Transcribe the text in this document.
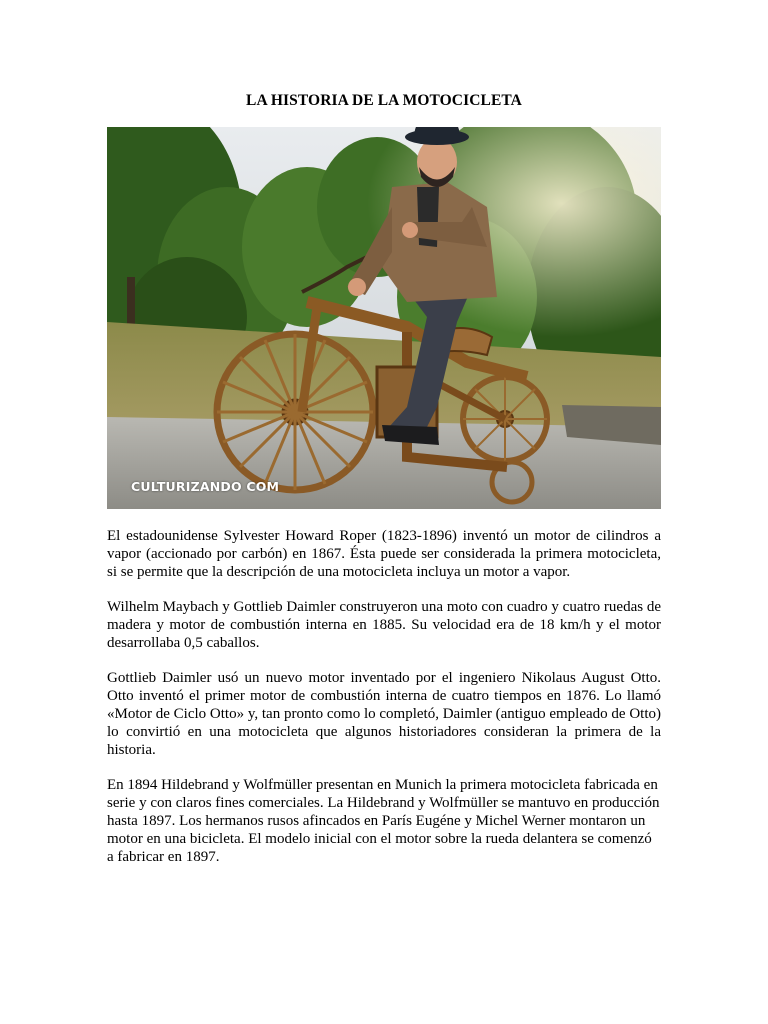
LA HISTORIA DE LA MOTOCICLETA
CULTURIZANDO COM

El estadounidense Sylvester Howard Roper (1823-1896) inventó un motor de cilindros a vapor (accionado por carbón) en 1867. Ésta puede ser considerada la primera motocicleta, si se permite que la descripción de una motocicleta incluya un motor a vapor.

Wilhelm Maybach y Gottlieb Daimler construyeron una moto con cuadro y cuatro ruedas de madera y motor de combustión interna en 1885. Su velocidad era de 18 km/h y el motor desarrollaba 0,5 caballos.

Gottlieb Daimler usó un nuevo motor inventado por el ingeniero Nikolaus August Otto. Otto inventó el primer motor de combustión interna de cuatro tiempos en 1876. Lo llamó «Motor de Ciclo Otto» y, tan pronto como lo completó, Daimler (antiguo empleado de Otto) lo convirtió en una motocicleta que algunos historiadores consideran la primera de la historia.

En 1894 Hildebrand y Wolfmüller presentan en Munich la primera motocicleta fabricada en serie y con claros fines comerciales. La Hildebrand y Wolfmüller se mantuvo en producción hasta 1897. Los hermanos rusos afincados en París Eugéne y Michel Werner montaron un motor en una bicicleta. El modelo inicial con el motor sobre la rueda delantera se comenzó a fabricar en 1897.
